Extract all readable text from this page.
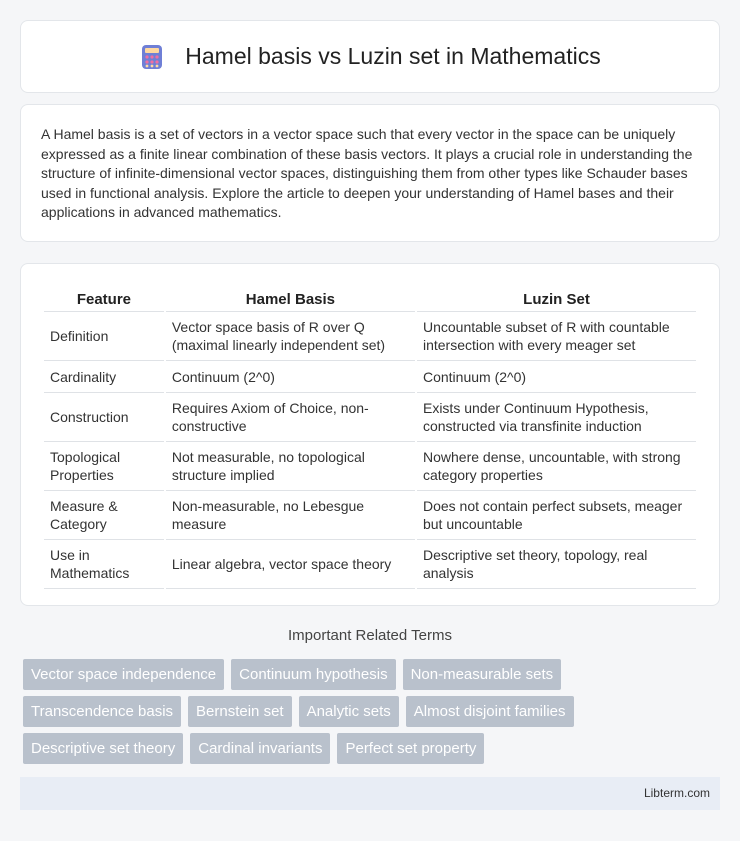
Hamel basis vs Luzin set in Mathematics

A Hamel basis is a set of vectors in a vector space such that every vector in the space can be uniquely expressed as a finite linear combination of these basis vectors. It plays a crucial role in understanding the structure of infinite-dimensional vector spaces, distinguishing them from other types like Schauder bases used in functional analysis. Explore the article to deepen your understanding of Hamel bases and their applications in advanced mathematics.

Feature	Hamel Basis	Luzin Set
Definition	Vector space basis of R over Q (maximal linearly independent set)	Uncountable subset of R with countable intersection with every meager set
Cardinality	Continuum (2^0)	Continuum (2^0)
Construction	Requires Axiom of Choice, non-constructive	Exists under Continuum Hypothesis, constructed via transfinite induction
Topological Properties	Not measurable, no topological structure implied	Nowhere dense, uncountable, with strong category properties
Measure & Category	Non-measurable, no Lebesgue measure	Does not contain perfect subsets, meager but uncountable
Use in Mathematics	Linear algebra, vector space theory	Descriptive set theory, topology, real analysis
Important Related Terms
Vector space independence	Continuum hypothesis	Non-measurable sets
Transcendence basis	Bernstein set	Analytic sets	Almost disjoint families
Descriptive set theory	Cardinal invariants	Perfect set property
Libterm.com
